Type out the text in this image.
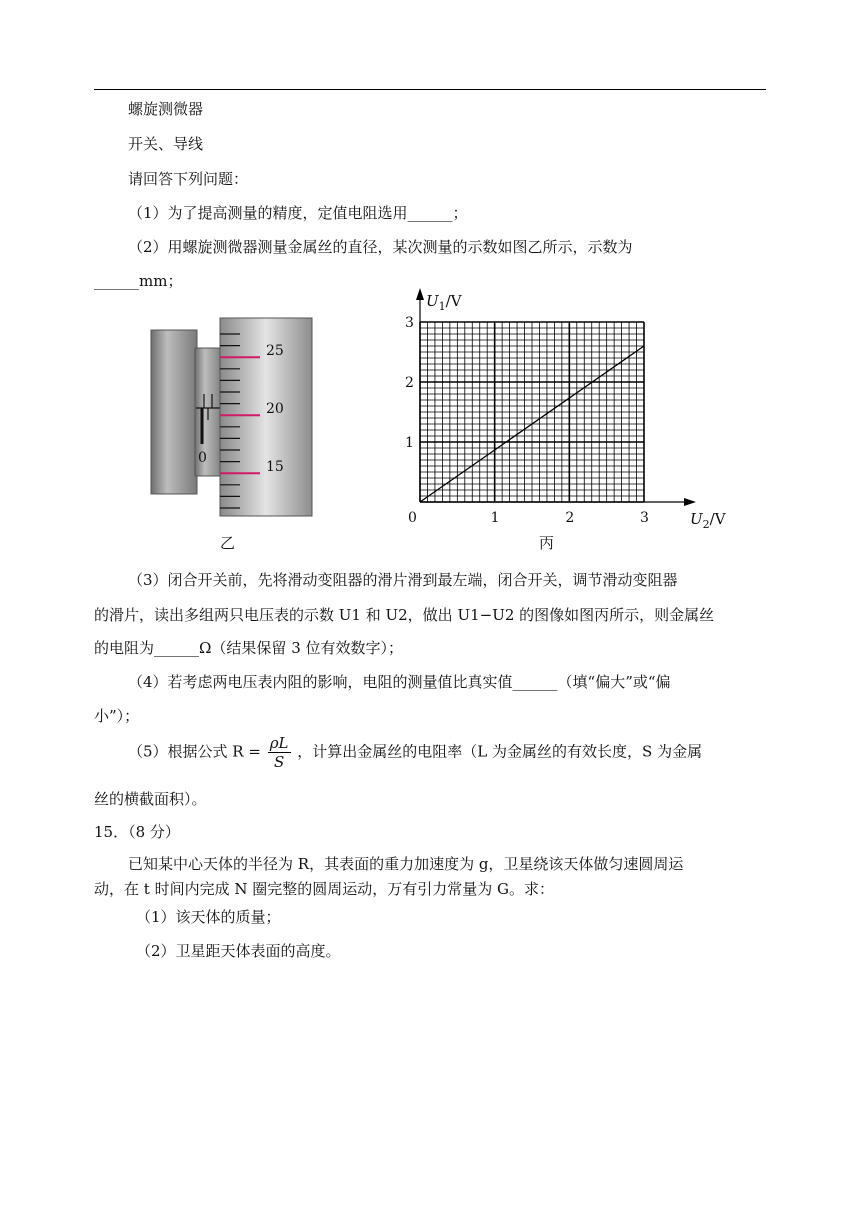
螺旋测微器
开关、导线
请回答下列问题：
（1）为了提高测量的精度，定值电阻选用______；
（2）用螺旋测微器测量金属丝的直径，某次测量的示数如图乙所示，示数为
______mm；
0
25
20
15
乙
0	1	2	3
1
2
3
$U_1/V$
$U_2/V$
丙
（3）闭合开关前，先将滑动变阻器的滑片滑到最左端，闭合开关，调节滑动变阻器
的滑片，读出多组两只电压表的示数 U1 和 U2，做出 U1−U2 的图像如图丙所示，则金属丝
的电阻为______Ω（结果保留 3 位有效数字）；
（4）若考虑两电压表内阻的影响，电阻的测量值比真实值______（填“偏大”或“偏
小”）；
（5）根据公式 $R = \frac{\rho L}{S}$ ，计算出金属丝的电阻率（L 为金属丝的有效长度，S 为金属
丝的横截面积）。
15．（8 分）
已知某中心天体的半径为 R，其表面的重力加速度为 g，卫星绕该天体做匀速圆周运
动，在 t 时间内完成 N 圈完整的圆周运动，万有引力常量为 G。求：
（1）该天体的质量；
（2）卫星距天体表面的高度。
